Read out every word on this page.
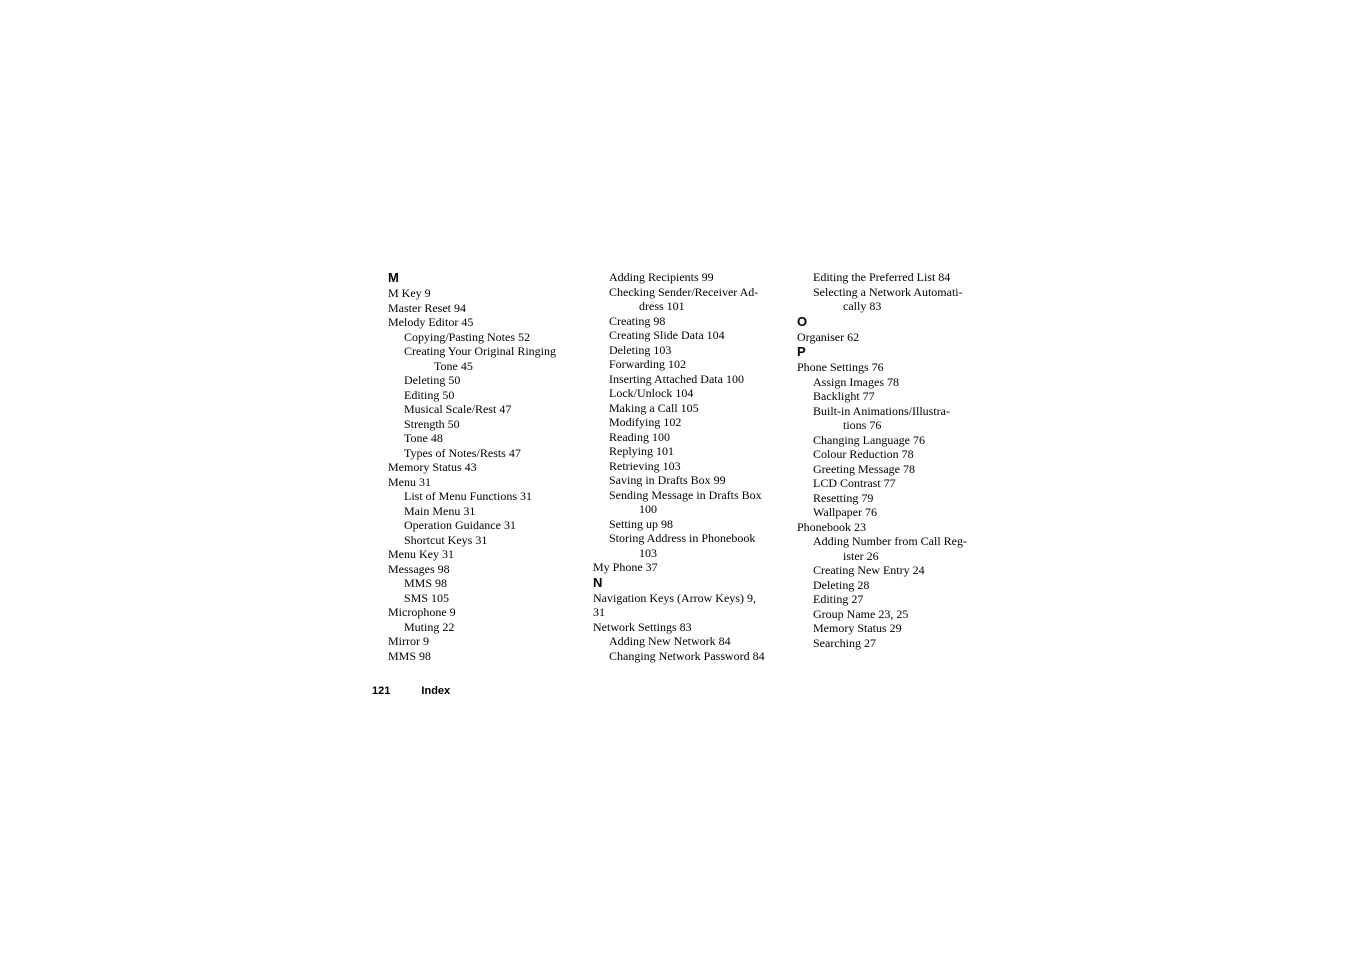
M
M Key 9
Master Reset 94
Melody Editor 45
Copying/Pasting Notes 52
Creating Your Original Ringing
Tone 45
Deleting 50
Editing 50
Musical Scale/Rest 47
Strength 50
Tone 48
Types of Notes/Rests 47
Memory Status 43
Menu 31
List of Menu Functions 31
Main Menu 31
Operation Guidance 31
Shortcut Keys 31
Menu Key 31
Messages 98
MMS 98
SMS 105
Microphone 9
Muting 22
Mirror 9
MMS 98
Adding Recipients 99
Checking Sender/Receiver Ad-
dress 101
Creating 98
Creating Slide Data 104
Deleting 103
Forwarding 102
Inserting Attached Data 100
Lock/Unlock 104
Making a Call 105
Modifying 102
Reading 100
Replying 101
Retrieving 103
Saving in Drafts Box 99
Sending Message in Drafts Box
100
Setting up 98
Storing Address in Phonebook
103
My Phone 37
N
Navigation Keys (Arrow Keys) 9,
31
Network Settings 83
Adding New Network 84
Changing Network Password 84
Editing the Preferred List 84
Selecting a Network Automati-
cally 83
O
Organiser 62
P
Phone Settings 76
Assign Images 78
Backlight 77
Built-in Animations/Illustra-
tions 76
Changing Language 76
Colour Reduction 78
Greeting Message 78
LCD Contrast 77
Resetting 79
Wallpaper 76
Phonebook 23
Adding Number from Call Reg-
ister 26
Creating New Entry 24
Deleting 28
Editing 27
Group Name 23, 25
Memory Status 29
Searching 27
121	Index
